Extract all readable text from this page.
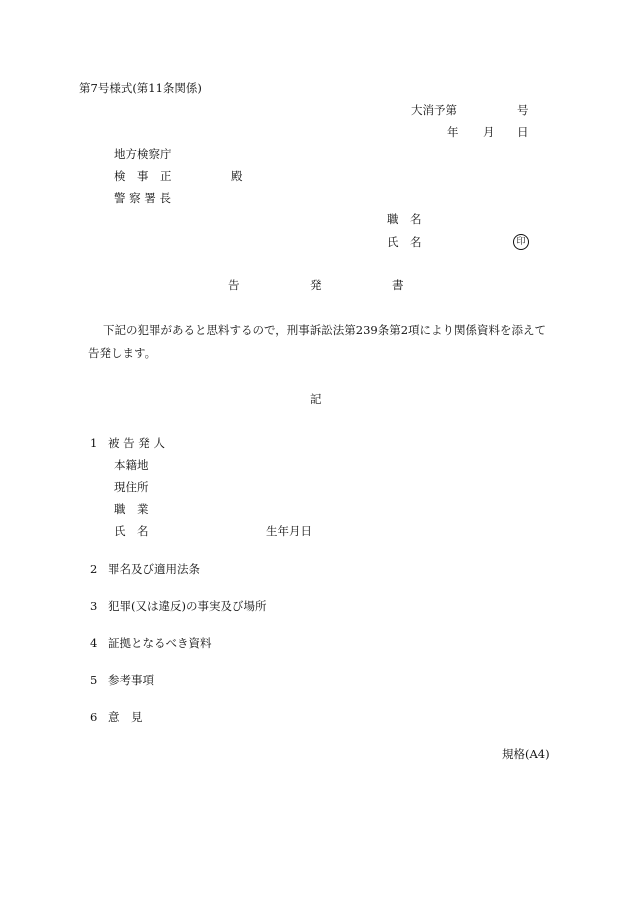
第7号様式(第11条関係)
大消予第	号
年 月 日
地方検察庁
検　事　正	殿
警 察 署 長
職　名
氏　名	印
告	発	書
下記の犯罪があると思料するので，刑事訴訟法第239条第2項により関係資料を添えて
告発します。
記
1 被 告 発 人
本籍地
現住所
職　業
氏　名	生年月日
2 罪名及び適用法条
3 犯罪(又は違反)の事実及び場所
4 証拠となるべき資料
5 参考事項
6 意　見
規格(A4)
